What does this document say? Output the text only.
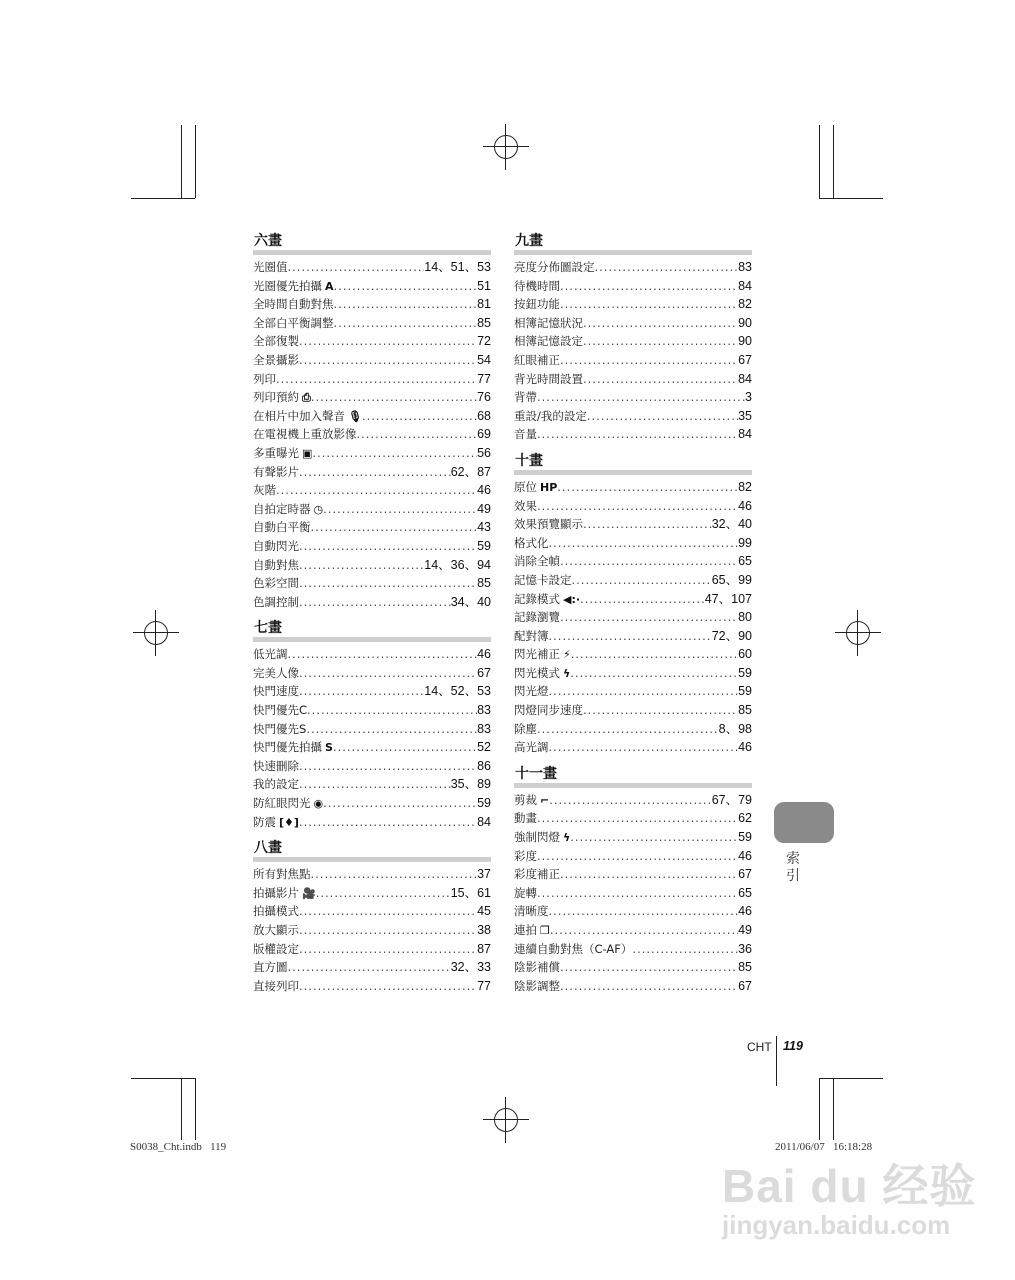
六畫
光圈值 .....	14、51、53
光圈優先拍攝 A .....	51
全時間自動對焦 .....	81
全部白平衡調整 .....	85
全部復製 .....	72
全景攝影 .....	54
列印 .....	77
列印預約 ⎙ .....	76
在相片中加入聲音 🎙 .....	68
在電視機上重放影像 .....	69
多重曝光 ▣ .....	56
有聲影片 .....	62、87
灰階 .....	46
自拍定時器 ◷ .....	49
自動白平衡 .....	43
自動閃光 .....	59
自動對焦 .....	14、36、94
色彩空間 .....	85
色調控制 .....	34、40
七畫
低光調 .....	46
完美人像 .....	67
快門速度 .....	14、52、53
快門優先C .....	83
快門優先S .....	83
快門優先拍攝 S .....	52
快速刪除 .....	86
我的設定 .....	35、89
防紅眼閃光 ◉ .....	59
防震 [♦] .....	84
八畫
所有對焦點 .....	37
拍攝影片 🎥 .....	15、61
拍攝模式 .....	45
放大顯示 .....	38
版權設定 .....	87
直方圖 .....	32、33
直接列印 .....	77
九畫
亮度分佈圖設定 .....	83
待機時間 .....	84
按鈕功能 .....	82
相簿記憶狀況 .....	90
相簿記憶設定 .....	90
紅眼補正 .....	67
背光時間設置 .....	84
背帶 .....	3
重設/我的設定 .....	35
音量 .....	84
十畫
原位 HP .....	82
效果 .....	46
效果預覽顯示 .....	32、40
格式化 .....	99
消除全幀 .....	65
記憶卡設定 .....	65、99
記錄模式 ◀:· .....	47、107
記錄瀏覽 .....	80
配對簿 .....	72、90
閃光補正 ⚡ .....	60
閃光模式 ϟ .....	59
閃光燈 .....	59
閃燈同步速度 .....	85
除塵 .....	8、98
高光調 .....	46
十一畫
剪裁 ⌐ .....	67、79
動畫 .....	62
強制閃燈 ϟ .....	59
彩度 .....	46
彩度補正 .....	67
旋轉 .....	65
清晰度 .....	46
連拍 ❐ .....	49
連續自動對焦（C-AF） .....	36
陰影補償 .....	85
陰影調整 .....	67
索引
CHT 119
S0038_Cht.indb   119	2011/06/07   16:18:28
Bai du 经验
jingyan.baidu.com
